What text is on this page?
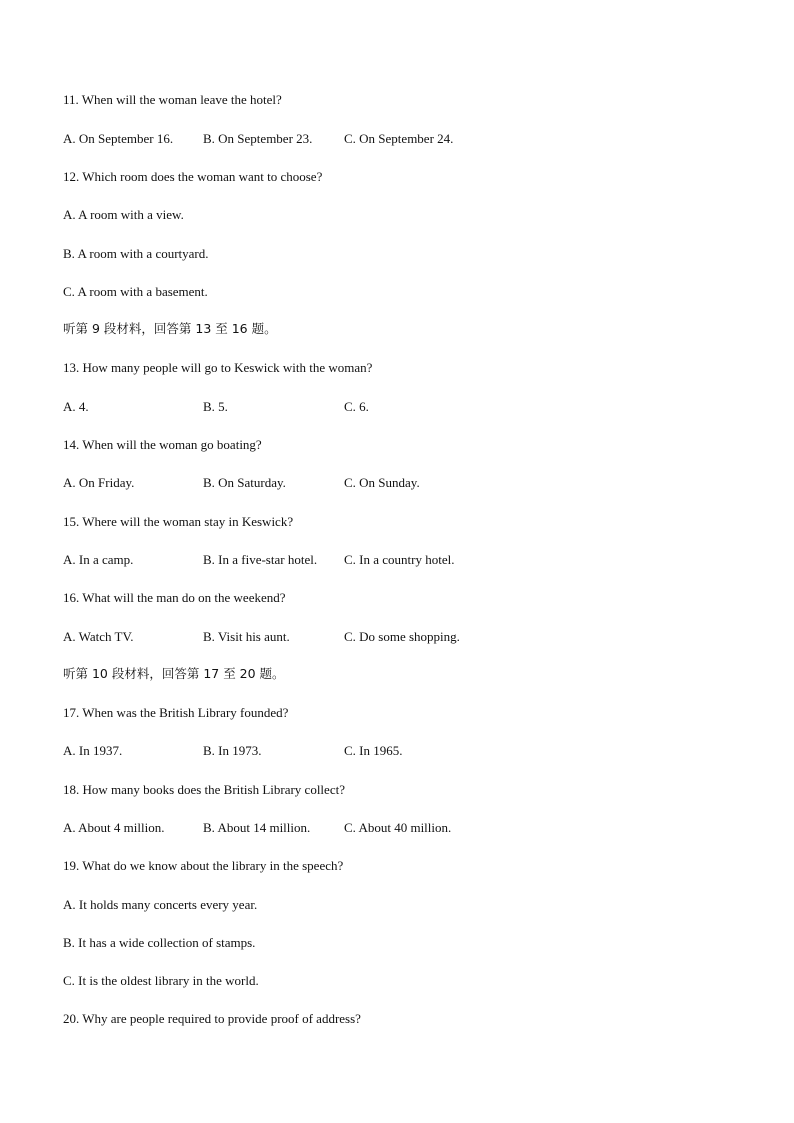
11. When will the woman leave the hotel?
A. On September 16. B. On September 23. C. On September 24.
12. Which room does the woman want to choose?
A. A room with a view.
B. A room with a courtyard.
C. A room with a basement.
听第 9 段材料，回答第 13 至 16 题。
13. How many people will go to Keswick with the woman?
A. 4.	B. 5.	C. 6.
14. When will the woman go boating?
A. On Friday.	B. On Saturday.	C. On Sunday.
15. Where will the woman stay in Keswick?
A. In a camp.	B. In a five-star hotel. C. In a country hotel.
16. What will the man do on the weekend?
A. Watch TV.	B. Visit his aunt.	C. Do some shopping.
听第 10 段材料，回答第 17 至 20 题。
17. When was the British Library founded?
A. In 1937.	B. In 1973.	C. In 1965.
18. How many books does the British Library collect?
A. About 4 million.	B. About 14 million.	C. About 40 million.
19. What do we know about the library in the speech?
A. It holds many concerts every year.
B. It has a wide collection of stamps.
C. It is the oldest library in the world.
20. Why are people required to provide proof of address?
